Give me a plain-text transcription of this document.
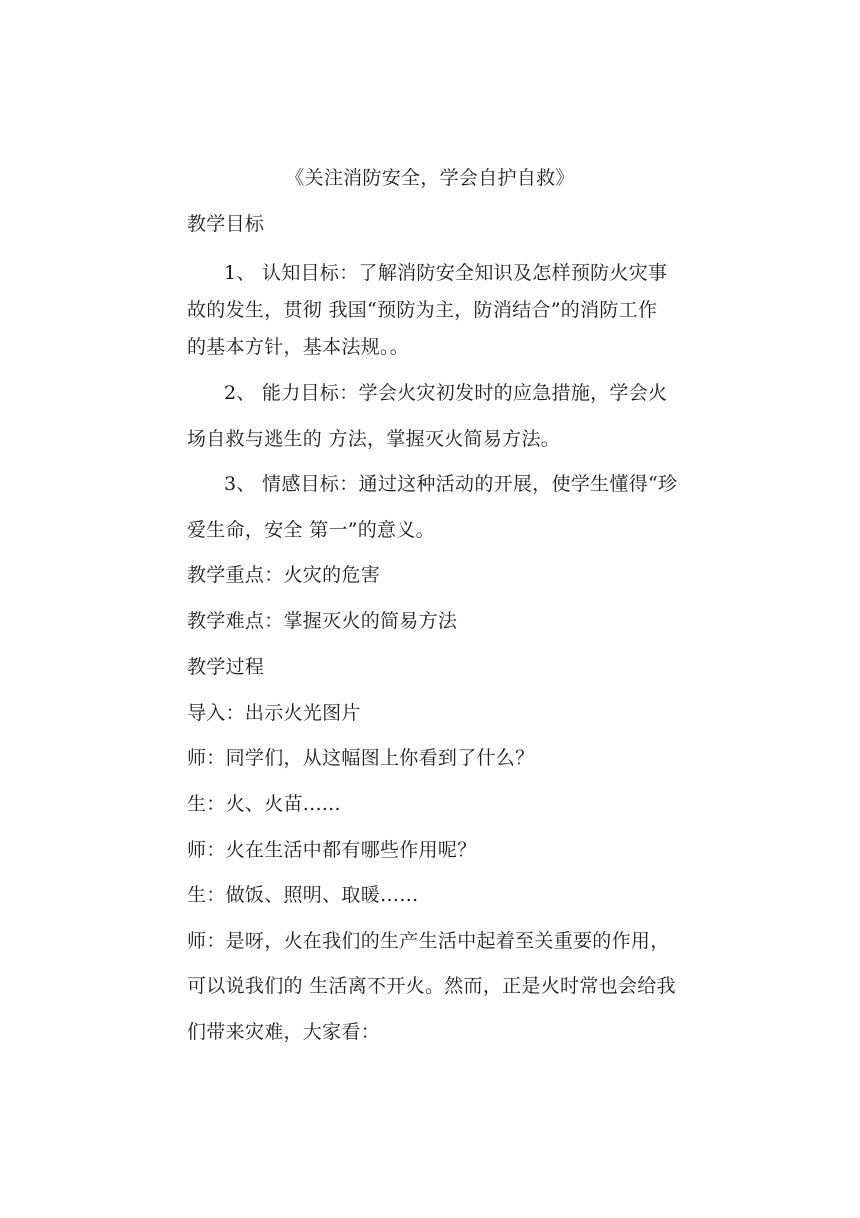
《关注消防安全，学会自护自救》
教学目标
1、 认知目标：了解消防安全知识及怎样预防火灾事
故的发生，贯彻 我国“预防为主，防消结合”的消防工作
的基本方针，基本法规。。
2、 能力目标：学会火灾初发时的应急措施，学会火
场自救与逃生的 方法，掌握灭火简易方法。
3、 情感目标：通过这种活动的开展，使学生懂得“珍
爱生命，安全 第一”的意义。
教学重点：火灾的危害
教学难点：掌握灭火的简易方法
教学过程
导入：出示火光图片
师：同学们，从这幅图上你看到了什么？
生：火、火苗......
师：火在生活中都有哪些作用呢？
生：做饭、照明、取暖……
师：是呀，火在我们的生产生活中起着至关重要的作用，
可以说我们的 生活离不开火。然而，正是火时常也会给我
们带来灾难，大家看：
